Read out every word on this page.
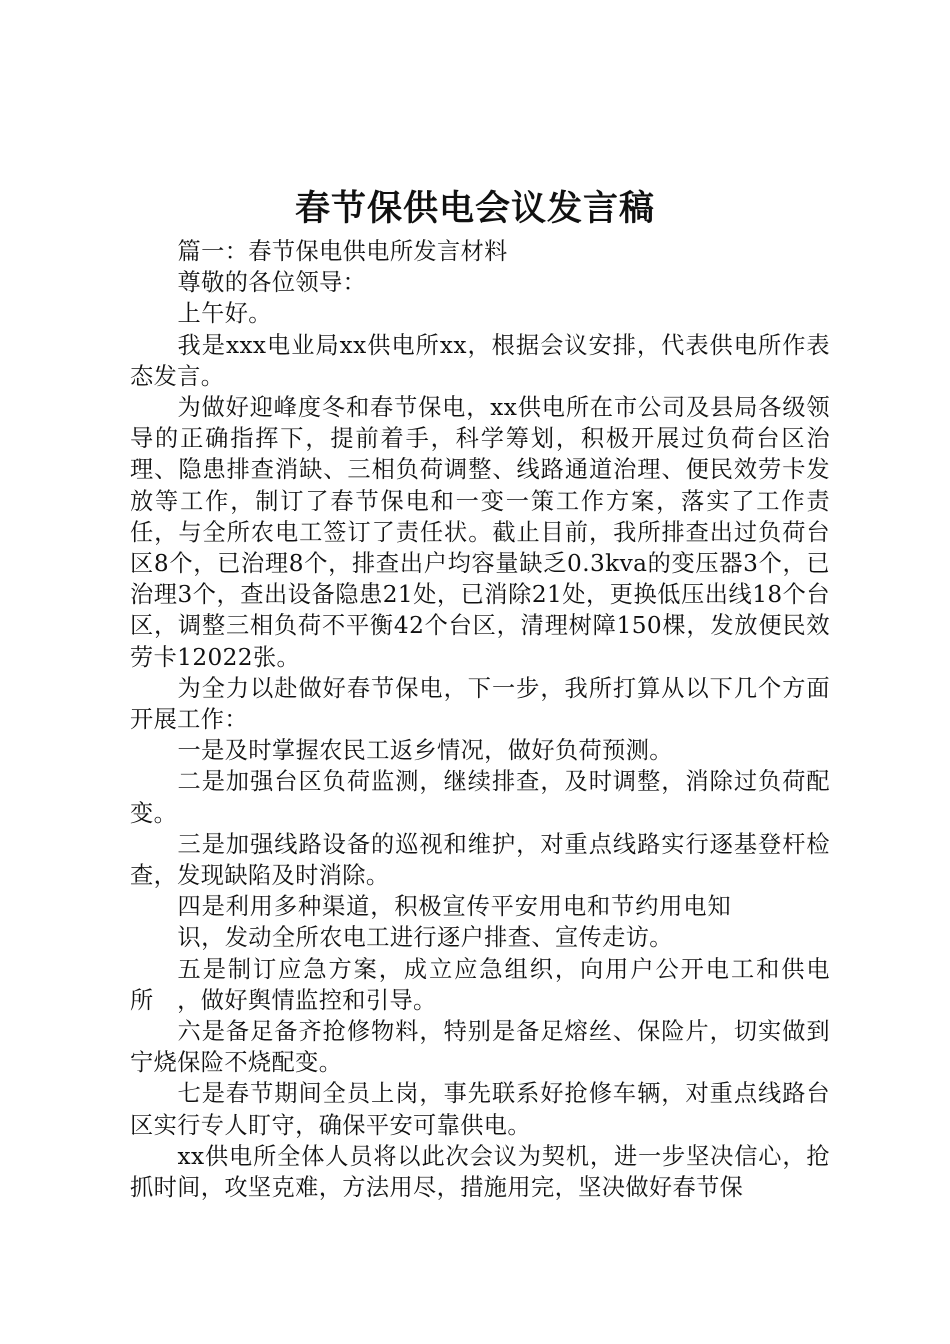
春节保供电会议发言稿

篇一：春节保电供电所发言材料

尊敬的各位领导：

上午好。

我是xxx电业局xx供电所xx，根据会议安排，代表供电所作表态发言。

为做好迎峰度冬和春节保电，xx供电所在市公司及县局各级领导的正确指挥下，提前着手，科学筹划，积极开展过负荷台区治理、隐患排查消缺、三相负荷调整、线路通道治理、便民效劳卡发放等工作，制订了春节保电和一变一策工作方案，落实了工作责任，与全所农电工签订了责任状。截止目前，我所排查出过负荷台区8个，已治理8个，排查出户均容量缺乏0.3kva的变压器3个，已治理3个，查出设备隐患21处，已消除21处，更换低压出线18个台区，调整三相负荷不平衡42个台区，清理树障150棵，发放便民效劳卡12022张。

为全力以赴做好春节保电，下一步，我所打算从以下几个方面开展工作：

一是及时掌握农民工返乡情况，做好负荷预测。

二是加强台区负荷监测，继续排查，及时调整，消除过负荷配变。

三是加强线路设备的巡视和维护，对重点线路实行逐基登杆检查，发现缺陷及时消除。

四是利用多种渠道，积极宣传平安用电和节约用电知

识，发动全所农电工进行逐户排查、宣传走访。

五是制订应急方案，成立应急组织，向用户公开电工和供电所　，做好舆情监控和引导。

六是备足备齐抢修物料，特别是备足熔丝、保险片，切实做到宁烧保险不烧配变。

七是春节期间全员上岗，事先联系好抢修车辆，对重点线路台区实行专人盯守，确保平安可靠供电。

xx供电所全体人员将以此次会议为契机，进一步坚决信心，抢抓时间，攻坚克难，方法用尽，措施用完，坚决做好春节保
